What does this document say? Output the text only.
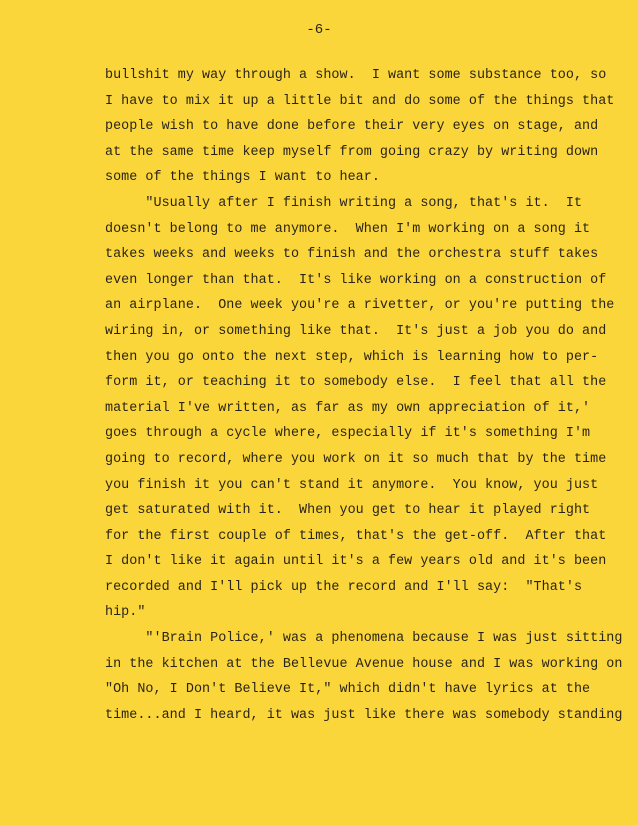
-6-
bullshit my way through a show.  I want some substance too, so
I have to mix it up a little bit and do some of the things that
people wish to have done before their very eyes on stage, and
at the same time keep myself from going crazy by writing down
some of the things I want to hear.
"Usually after I finish writing a song, that's it.  It
doesn't belong to me anymore.  When I'm working on a song it
takes weeks and weeks to finish and the orchestra stuff takes
even longer than that.  It's like working on a construction of
an airplane.  One week you're a rivetter, or you're putting the
wiring in, or something like that.  It's just a job you do and
then you go onto the next step, which is learning how to per-
form it, or teaching it to somebody else.  I feel that all the
material I've written, as far as my own appreciation of it,'
goes through a cycle where, especially if it's something I'm
going to record, where you work on it so much that by the time
you finish it you can't stand it anymore.  You know, you just
get saturated with it.  When you get to hear it played right
for the first couple of times, that's the get-off.  After that
I don't like it again until it's a few years old and it's been
recorded and I'll pick up the record and I'll say:  "That's
hip."
"'Brain Police,' was a phenomena because I was just sitting
in the kitchen at the Bellevue Avenue house and I was working on
"Oh No, I Don't Believe It," which didn't have lyrics at the
time...and I heard, it was just like there was somebody standing
